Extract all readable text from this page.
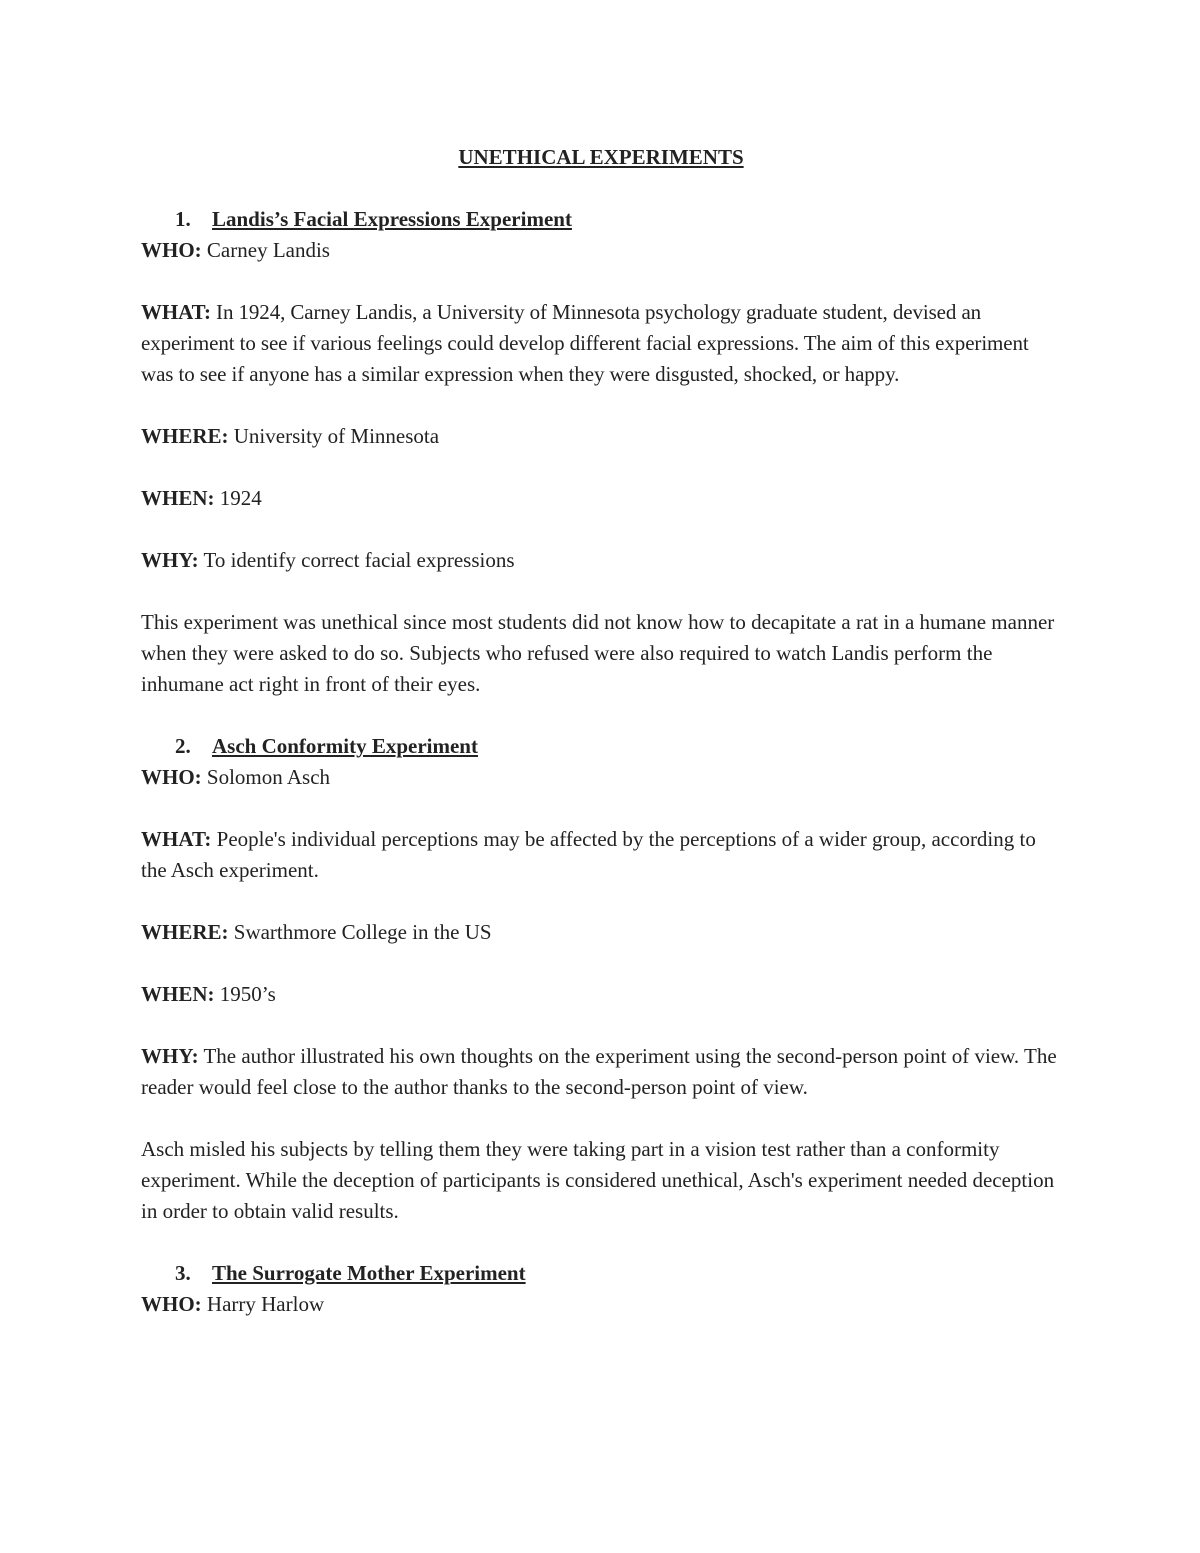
UNETHICAL EXPERIMENTS

1.	Landis’s Facial Expressions Experiment

WHO: Carney Landis

WHAT: In 1924, Carney Landis, a University of Minnesota psychology graduate student, devised an experiment to see if various feelings could develop different facial expressions. The aim of this experiment was to see if anyone has a similar expression when they were disgusted, shocked, or happy.

WHERE: University of Minnesota

WHEN: 1924

WHY: To identify correct facial expressions

This experiment was unethical since most students did not know how to decapitate a rat in a humane manner when they were asked to do so. Subjects who refused were also required to watch Landis perform the inhumane act right in front of their eyes.

2.	Asch Conformity Experiment

WHO: Solomon Asch

WHAT: People's individual perceptions may be affected by the perceptions of a wider group, according to the Asch experiment.

WHERE: Swarthmore College in the US

WHEN: 1950’s

WHY: The author illustrated his own thoughts on the experiment using the second-person point of view. The reader would feel close to the author thanks to the second-person point of view.

Asch misled his subjects by telling them they were taking part in a vision test rather than a conformity experiment. While the deception of participants is considered unethical, Asch's experiment needed deception in order to obtain valid results.

3.	The Surrogate Mother Experiment

WHO: Harry Harlow
